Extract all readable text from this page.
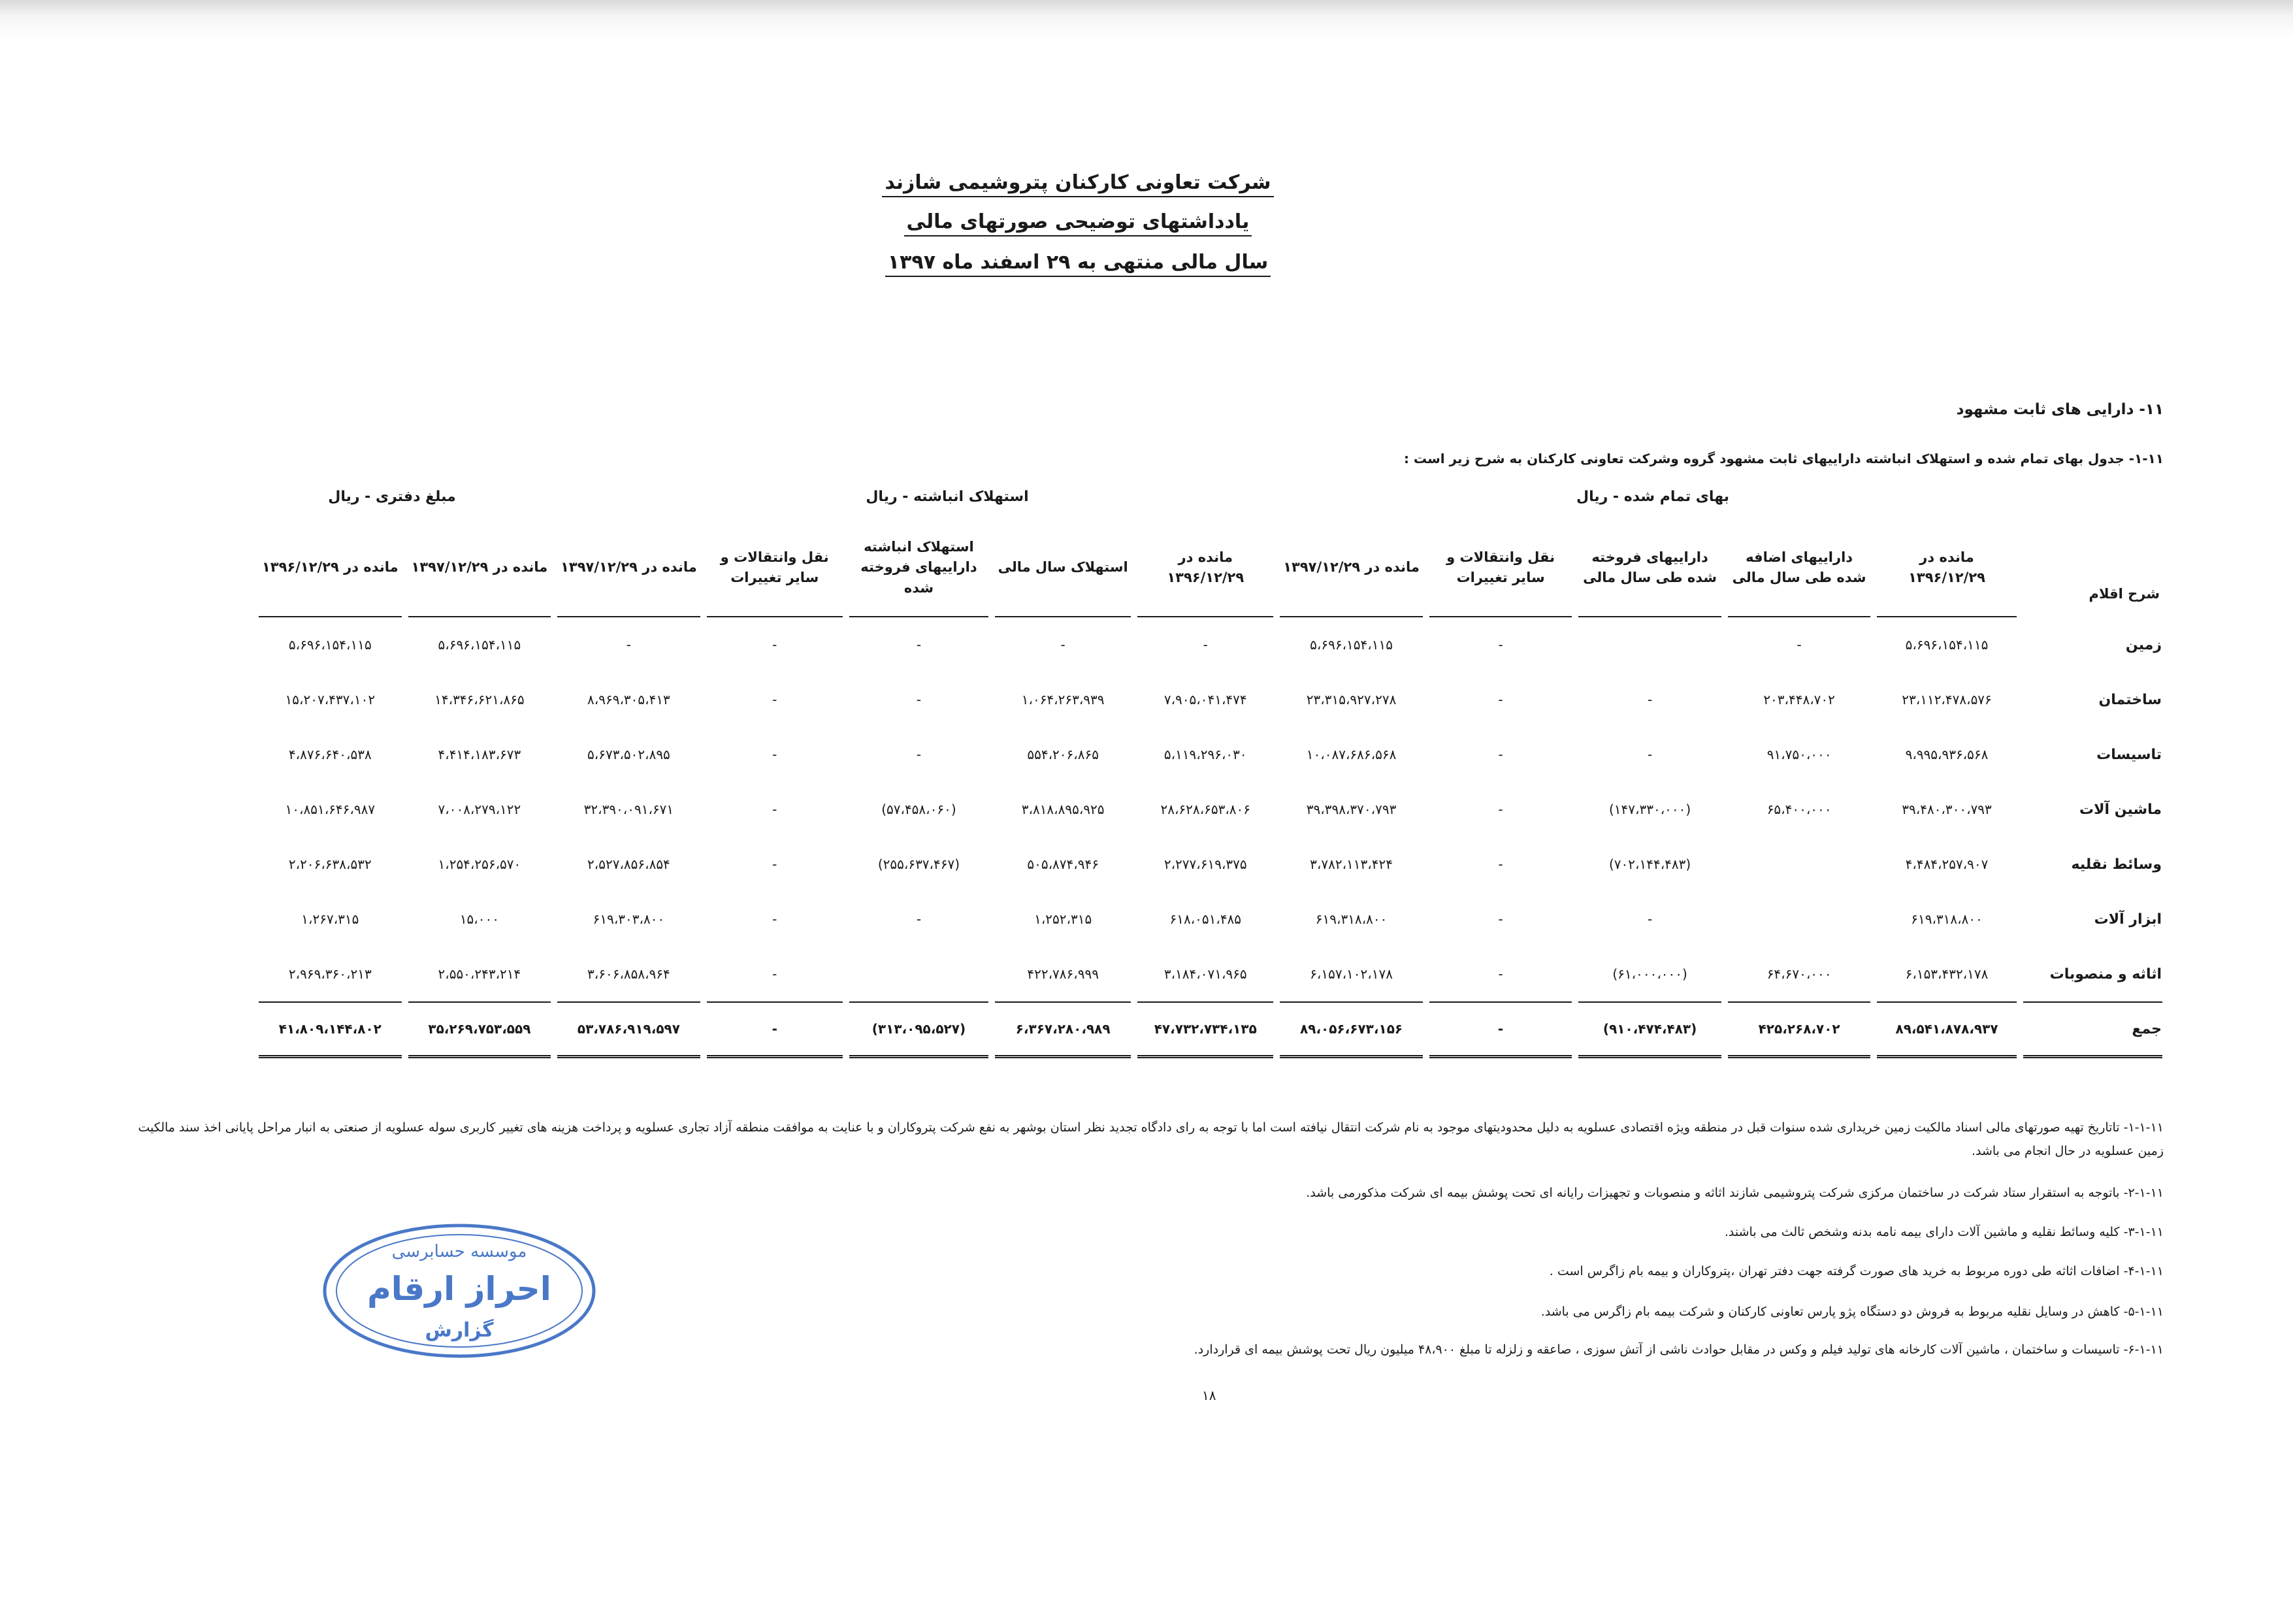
شرکت تعاونی کارکنان پتروشیمی شازند
یادداشتهای توضیحی صورتهای مالی
سال مالی منتهی به ۲۹ اسفند ماه ۱۳۹۷
۱۱- دارایی های ثابت مشهود
۱-۱۱- جدول بهای تمام شده و استهلاک انباشته داراییهای ثابت مشهود گروه وشرکت تعاونی کارکنان به شرح زیر است :
بهای تمام شده - ریال
استهلاک انباشته - ریال
مبلغ دفتری - ریال
شرح اقلام	مانده در ۱۳۹۶/۱۲/۲۹	داراییهای اضافه شده طی سال مالی	داراییهای فروخته شده طی سال مالی	نقل وانتقالات و سایر تغییرات	مانده در ۱۳۹۷/۱۲/۲۹	مانده در ۱۳۹۶/۱۲/۲۹	استهلاک سال مالی	استهلاک انباشته داراییهای فروخته شده	نقل وانتقالات و سایر تغییرات	مانده در ۱۳۹۷/۱۲/۲۹	مانده در ۱۳۹۷/۱۲/۲۹	مانده در ۱۳۹۶/۱۲/۲۹
زمین	۵،۶۹۶،۱۵۴،۱۱۵	-		-	۵،۶۹۶،۱۵۴،۱۱۵	-	-	-	-	-	۵،۶۹۶،۱۵۴،۱۱۵	۵،۶۹۶،۱۵۴،۱۱۵
ساختمان	۲۳،۱۱۲،۴۷۸،۵۷۶	۲۰۳،۴۴۸،۷۰۲	-	-	۲۳،۳۱۵،۹۲۷،۲۷۸	۷،۹۰۵،۰۴۱،۴۷۴	۱،۰۶۴،۲۶۳،۹۳۹	-	-	۸،۹۶۹،۳۰۵،۴۱۳	۱۴،۳۴۶،۶۲۱،۸۶۵	۱۵،۲۰۷،۴۳۷،۱۰۲
تاسیسات	۹،۹۹۵،۹۳۶،۵۶۸	۹۱،۷۵۰،۰۰۰	-	-	۱۰،۰۸۷،۶۸۶،۵۶۸	۵،۱۱۹،۲۹۶،۰۳۰	۵۵۴،۲۰۶،۸۶۵	-	-	۵،۶۷۳،۵۰۲،۸۹۵	۴،۴۱۴،۱۸۳،۶۷۳	۴،۸۷۶،۶۴۰،۵۳۸
ماشین آلات	۳۹،۴۸۰،۳۰۰،۷۹۳	۶۵،۴۰۰،۰۰۰	(۱۴۷،۳۳۰،۰۰۰)	-	۳۹،۳۹۸،۳۷۰،۷۹۳	۲۸،۶۲۸،۶۵۳،۸۰۶	۳،۸۱۸،۸۹۵،۹۲۵	(۵۷،۴۵۸،۰۶۰)	-	۳۲،۳۹۰،۰۹۱،۶۷۱	۷،۰۰۸،۲۷۹،۱۲۲	۱۰،۸۵۱،۶۴۶،۹۸۷
وسائط نقلیه	۴،۴۸۴،۲۵۷،۹۰۷		(۷۰۲،۱۴۴،۴۸۳)	-	۳،۷۸۲،۱۱۳،۴۲۴	۲،۲۷۷،۶۱۹،۳۷۵	۵۰۵،۸۷۴،۹۴۶	(۲۵۵،۶۳۷،۴۶۷)	-	۲،۵۲۷،۸۵۶،۸۵۴	۱،۲۵۴،۲۵۶،۵۷۰	۲،۲۰۶،۶۳۸،۵۳۲
ابزار آلات	۶۱۹،۳۱۸،۸۰۰		-	-	۶۱۹،۳۱۸،۸۰۰	۶۱۸،۰۵۱،۴۸۵	۱،۲۵۲،۳۱۵	-	-	۶۱۹،۳۰۳،۸۰۰	۱۵،۰۰۰	۱،۲۶۷،۳۱۵
اثاثه و منصوبات	۶،۱۵۳،۴۳۲،۱۷۸	۶۴،۶۷۰،۰۰۰	(۶۱،۰۰۰،۰۰۰)	-	۶،۱۵۷،۱۰۲،۱۷۸	۳،۱۸۴،۰۷۱،۹۶۵	۴۲۲،۷۸۶،۹۹۹		-	۳،۶۰۶،۸۵۸،۹۶۴	۲،۵۵۰،۲۴۳،۲۱۴	۲،۹۶۹،۳۶۰،۲۱۳
جمع	۸۹،۵۴۱،۸۷۸،۹۳۷	۴۲۵،۲۶۸،۷۰۲	(۹۱۰،۴۷۴،۴۸۳)	-	۸۹،۰۵۶،۶۷۳،۱۵۶	۴۷،۷۳۲،۷۳۴،۱۳۵	۶،۳۶۷،۲۸۰،۹۸۹	(۳۱۳،۰۹۵،۵۲۷)	-	۵۳،۷۸۶،۹۱۹،۵۹۷	۳۵،۲۶۹،۷۵۳،۵۵۹	۴۱،۸۰۹،۱۴۴،۸۰۲
۱-۱-۱۱- تاتاریخ تهیه صورتهای مالی اسناد مالکیت زمین خریداری شده سنوات قبل در منطقه ویژه اقتصادی عسلویه به دلیل محدودیتهای موجود به نام شرکت انتقال نیافته است اما با توجه به رای دادگاه تجدید نظر استان بوشهر به نفع شرکت پتروکاران و با عنایت به موافقت منطقه آزاد تجاری عسلویه و پرداخت هزینه های تغییر کاربری سوله عسلویه از صنعتی به انبار مراحل پایانی اخذ سند مالکیت زمین عسلویه در حال انجام می باشد.
۲-۱-۱۱- باتوجه به استقرار ستاد شرکت در ساختمان مرکزی شرکت پتروشیمی شازند اثاثه و منصوبات و تجهیزات رایانه ای تحت پوشش بیمه ای شرکت مذکورمی باشد.
۳-۱-۱۱- کلیه وسائط نقلیه و ماشین آلات دارای بیمه نامه بدنه وشخص ثالث می باشند.
۴-۱-۱۱- اضافات اثاثه طی دوره مربوط به خرید های صورت گرفته جهت دفتر تهران ،پتروکاران و بیمه بام زاگرس است .
۵-۱-۱۱- کاهش در وسایل نقلیه مربوط به فروش دو دستگاه پژو پارس تعاونی کارکنان و شرکت بیمه بام زاگرس می باشد.
۶-۱-۱۱- تاسیسات و ساختمان ، ماشین آلات کارخانه های تولید فیلم و وکس در مقابل حوادث ناشی از آتش سوزی ، صاعقه و زلزله تا مبلغ ۴۸،۹۰۰ میلیون ریال تحت پوشش بیمه ای قراردارد.
۱۸
موسسه حسابرسی
احراز ارقام
گزارش
